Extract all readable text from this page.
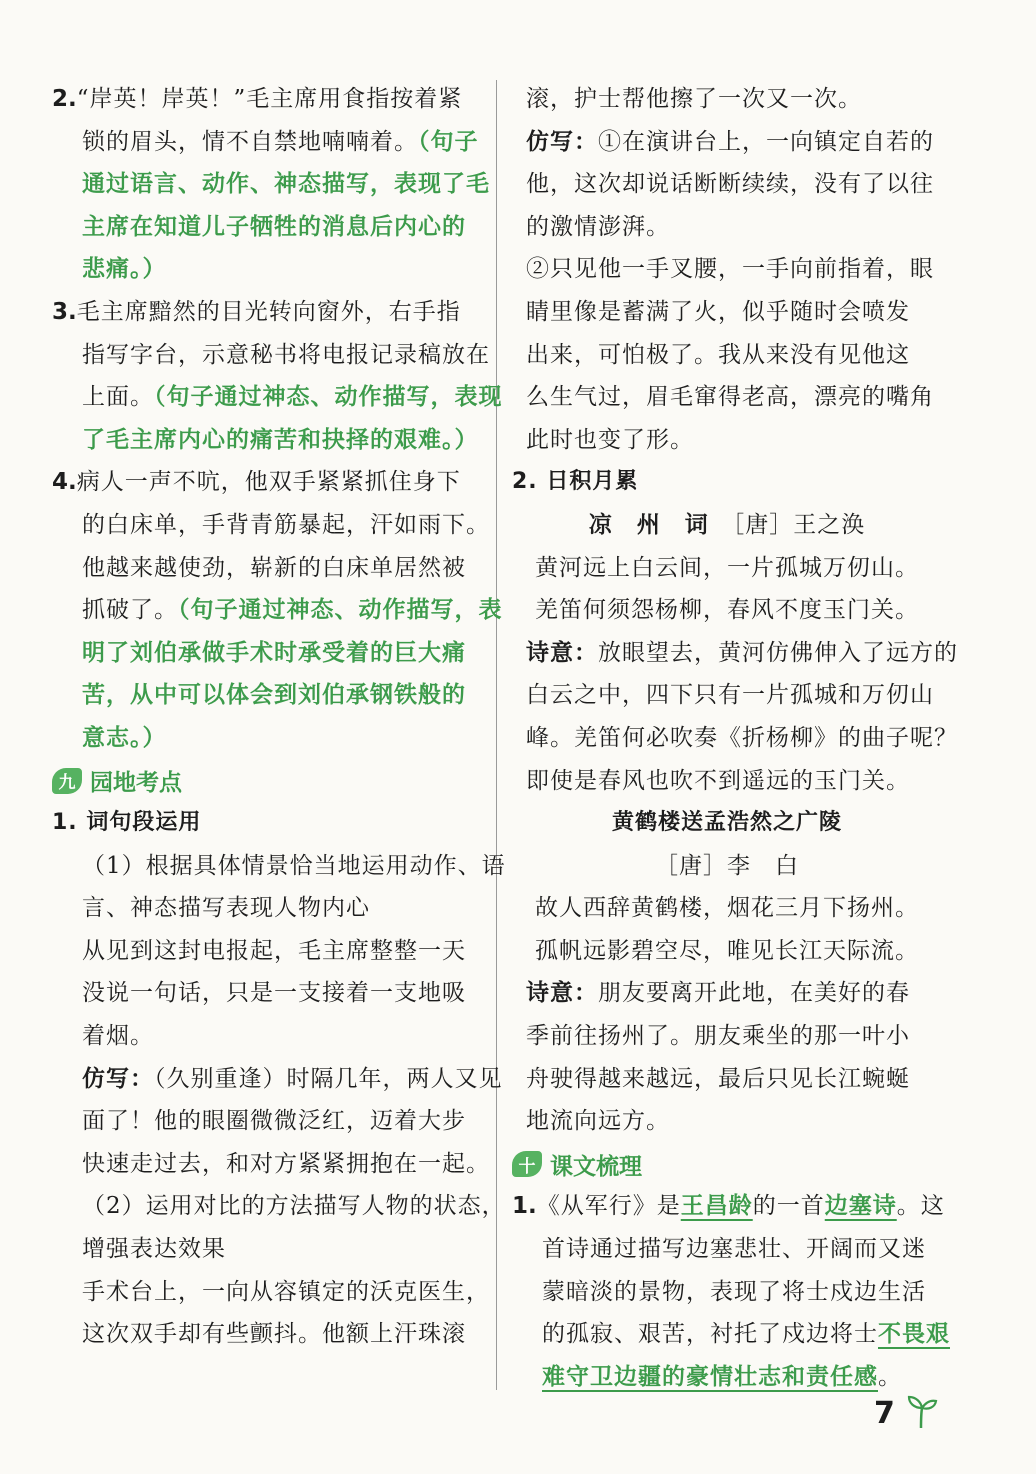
2.“岸英！岸英！”毛主席用食指按着紧
锁的眉头，情不自禁地喃喃着。（句子
通过语言、动作、神态描写，表现了毛
主席在知道儿子牺牲的消息后内心的
悲痛。）
3.毛主席黯然的目光转向窗外，右手指
指写字台，示意秘书将电报记录稿放在
上面。（句子通过神态、动作描写，表现
了毛主席内心的痛苦和抉择的艰难。）
4.病人一声不吭，他双手紧紧抓住身下
的白床单，手背青筋暴起，汗如雨下。
他越来越使劲，崭新的白床单居然被
抓破了。（句子通过神态、动作描写，表
明了刘伯承做手术时承受着的巨大痛
苦，从中可以体会到刘伯承钢铁般的
意志。）
九 园地考点
1. 词句段运用
（1）根据具体情景恰当地运用动作、语
言、神态描写表现人物内心
从见到这封电报起，毛主席整整一天
没说一句话，只是一支接着一支地吸
着烟。
仿写：（久别重逢）时隔几年，两人又见
面了！他的眼圈微微泛红，迈着大步
快速走过去，和对方紧紧拥抱在一起。
（2）运用对比的方法描写人物的状态，
增强表达效果
手术台上，一向从容镇定的沃克医生，
这次双手却有些颤抖。他额上汗珠滚
滚，护士帮他擦了一次又一次。
仿写：①在演讲台上，一向镇定自若的
他，这次却说话断断续续，没有了以往
的激情澎湃。
②只见他一手叉腰，一手向前指着，眼
睛里像是蓄满了火，似乎随时会喷发
出来，可怕极了。我从来没有见他这
么生气过，眉毛窜得老高，漂亮的嘴角
此时也变了形。
2. 日积月累
凉　州　词　 ［唐］王之涣
黄河远上白云间，一片孤城万仞山。
羌笛何须怨杨柳，春风不度玉门关。
诗意：放眼望去，黄河仿佛伸入了远方的
白云之中，四下只有一片孤城和万仞山
峰。羌笛何必吹奏《折杨柳》的曲子呢？
即使是春风也吹不到遥远的玉门关。
黄鹤楼送孟浩然之广陵
［唐］李　白
故人西辞黄鹤楼，烟花三月下扬州。
孤帆远影碧空尽，唯见长江天际流。
诗意：朋友要离开此地，在美好的春
季前往扬州了。朋友乘坐的那一叶小
舟驶得越来越远，最后只见长江蜿蜒
地流向远方。
十 课文梳理
1.《从军行》是王昌龄的一首边塞诗。这
首诗通过描写边塞悲壮、开阔而又迷
蒙暗淡的景物，表现了将士戍边生活
的孤寂、艰苦，衬托了戍边将士不畏艰
难守卫边疆的豪情壮志和责任感。
7
